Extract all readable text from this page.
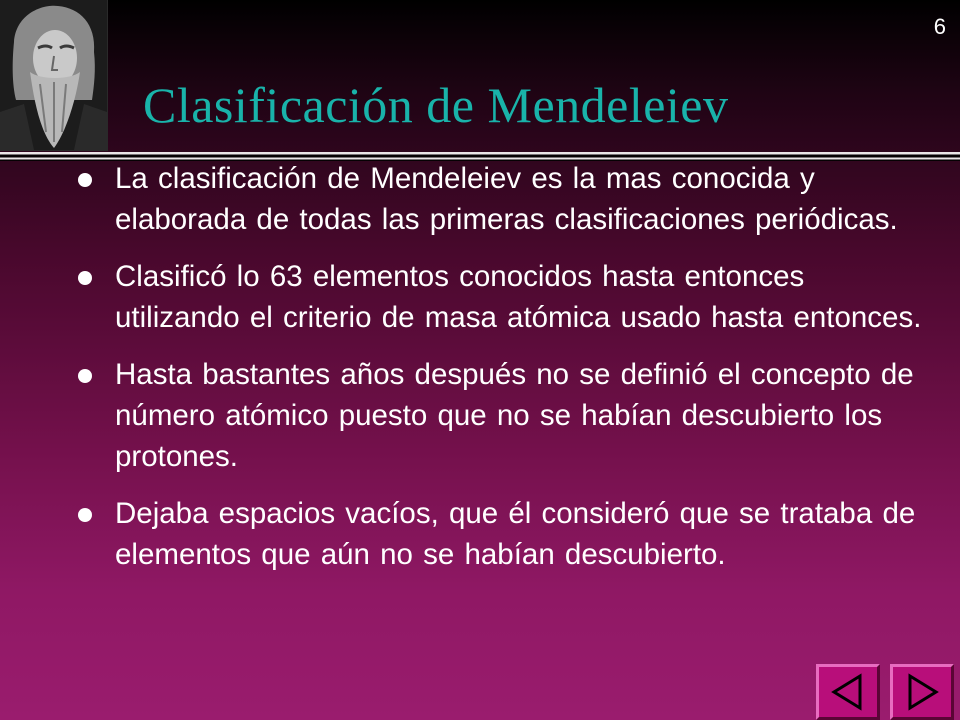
6
Clasificación de Mendeleiev
La clasificación de Mendeleiev es la mas conocida y elaborada de todas las primeras clasificaciones periódicas.
Clasificó lo 63 elementos conocidos hasta entonces utilizando el criterio de masa atómica usado hasta entonces.
Hasta bastantes años después no se definió el concepto de número atómico puesto que no se habían descubierto los protones.
Dejaba espacios vacíos, que él consideró que se trataba de elementos que aún no se habían descubierto.
